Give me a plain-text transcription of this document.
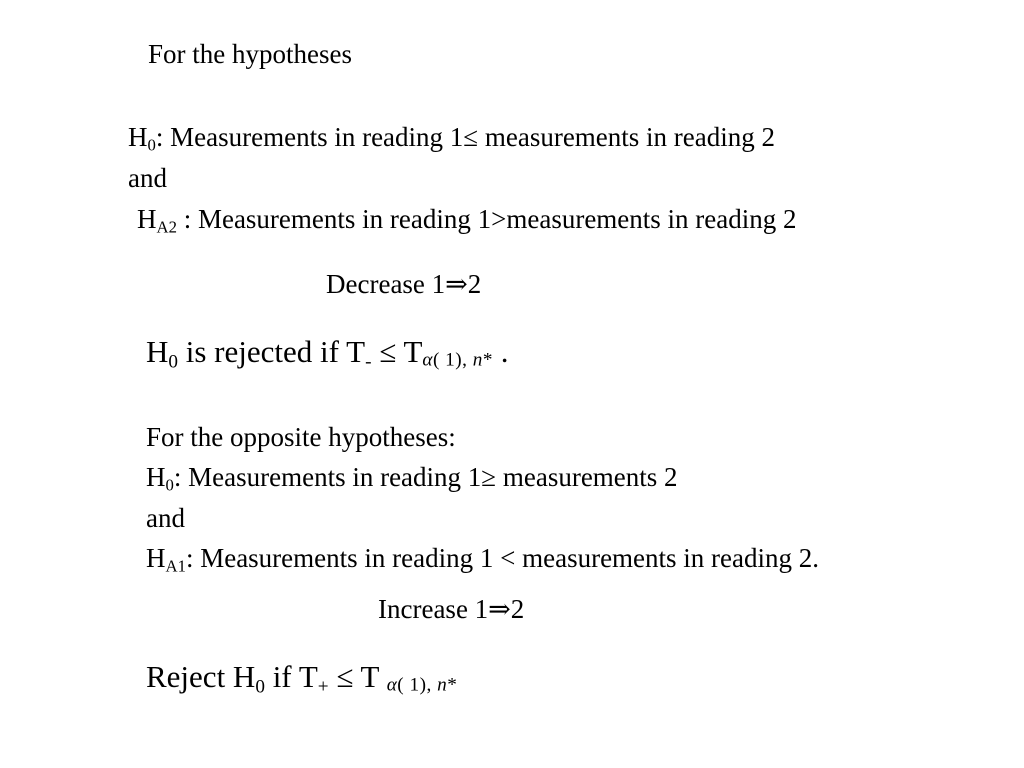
For the hypotheses
$H_0$: Measurements in reading 1≤ measurements in reading 2
and
$H_{A2}$ : Measurements in reading 1>measurements in reading 2
Decrease 1⇒2
$H_0$ is rejected if $T_- \le T\alpha$( 1), n* .
For the opposite hypotheses:
$H_0$: Measurements in reading 1≥ measurements 2
and
$H_{A1}$: Measurements in reading 1 < measurements in reading 2.
Increase 1⇒2
Reject $H_0$ if $T_+ \le T$ α( 1), n*
